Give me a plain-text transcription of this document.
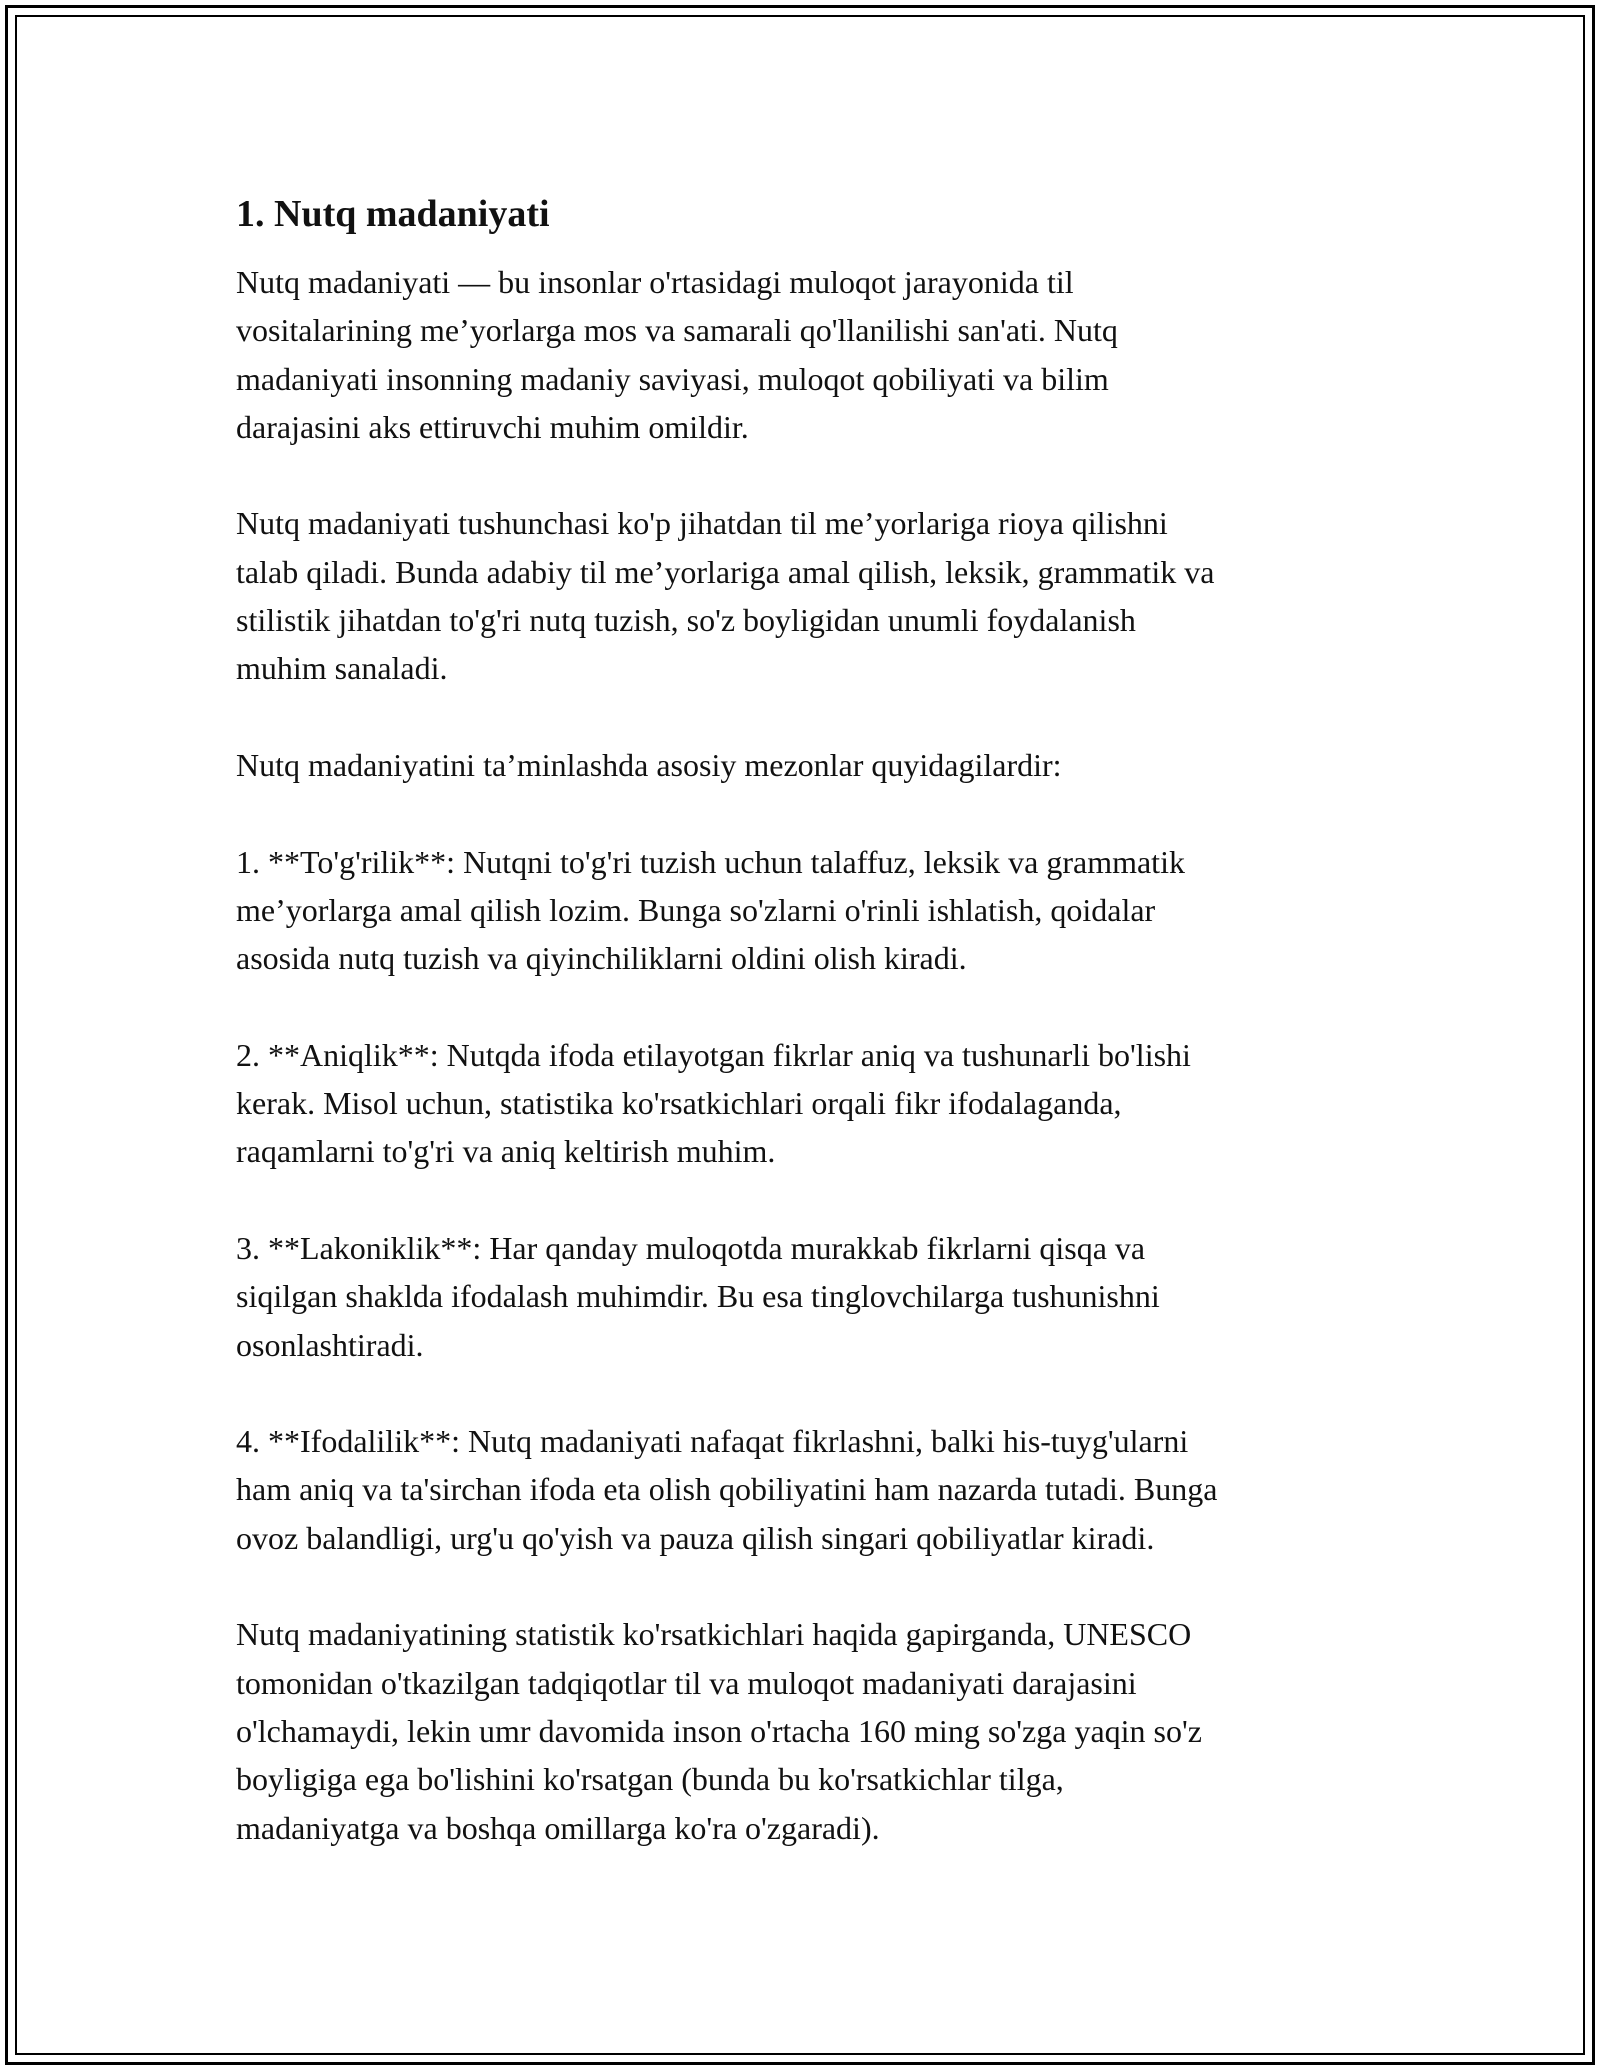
1. Nutq madaniyati

Nutq madaniyati — bu insonlar o'rtasidagi muloqot jarayonida til
vositalarining me’yorlarga mos va samarali qo'llanilishi san'ati. Nutq
madaniyati insonning madaniy saviyasi, muloqot qobiliyati va bilim
darajasini aks ettiruvchi muhim omildir.

Nutq madaniyati tushunchasi ko'p jihatdan til me’yorlariga rioya qilishni
talab qiladi. Bunda adabiy til me’yorlariga amal qilish, leksik, grammatik va
stilistik jihatdan to'g'ri nutq tuzish, so'z boyligidan unumli foydalanish
muhim sanaladi.

Nutq madaniyatini ta’minlashda asosiy mezonlar quyidagilardir:

1. **To'g'rilik**: Nutqni to'g'ri tuzish uchun talaffuz, leksik va grammatik
me’yorlarga amal qilish lozim. Bunga so'zlarni o'rinli ishlatish, qoidalar
asosida nutq tuzish va qiyinchiliklarni oldini olish kiradi.

2. **Aniqlik**: Nutqda ifoda etilayotgan fikrlar aniq va tushunarli bo'lishi
kerak. Misol uchun, statistika ko'rsatkichlari orqali fikr ifodalaganda,
raqamlarni to'g'ri va aniq keltirish muhim.

3. **Lakoniklik**: Har qanday muloqotda murakkab fikrlarni qisqa va
siqilgan shaklda ifodalash muhimdir. Bu esa tinglovchilarga tushunishni
osonlashtiradi.

4. **Ifodalilik**: Nutq madaniyati nafaqat fikrlashni, balki his-tuyg'ularni
ham aniq va ta'sirchan ifoda eta olish qobiliyatini ham nazarda tutadi. Bunga
ovoz balandligi, urg'u qo'yish va pauza qilish singari qobiliyatlar kiradi.

Nutq madaniyatining statistik ko'rsatkichlari haqida gapirganda, UNESCO
tomonidan o'tkazilgan tadqiqotlar til va muloqot madaniyati darajasini
o'lchamaydi, lekin umr davomida inson o'rtacha 160 ming so'zga yaqin so'z
boyligiga ega bo'lishini ko'rsatgan (bunda bu ko'rsatkichlar tilga,
madaniyatga va boshqa omillarga ko'ra o'zgaradi).
